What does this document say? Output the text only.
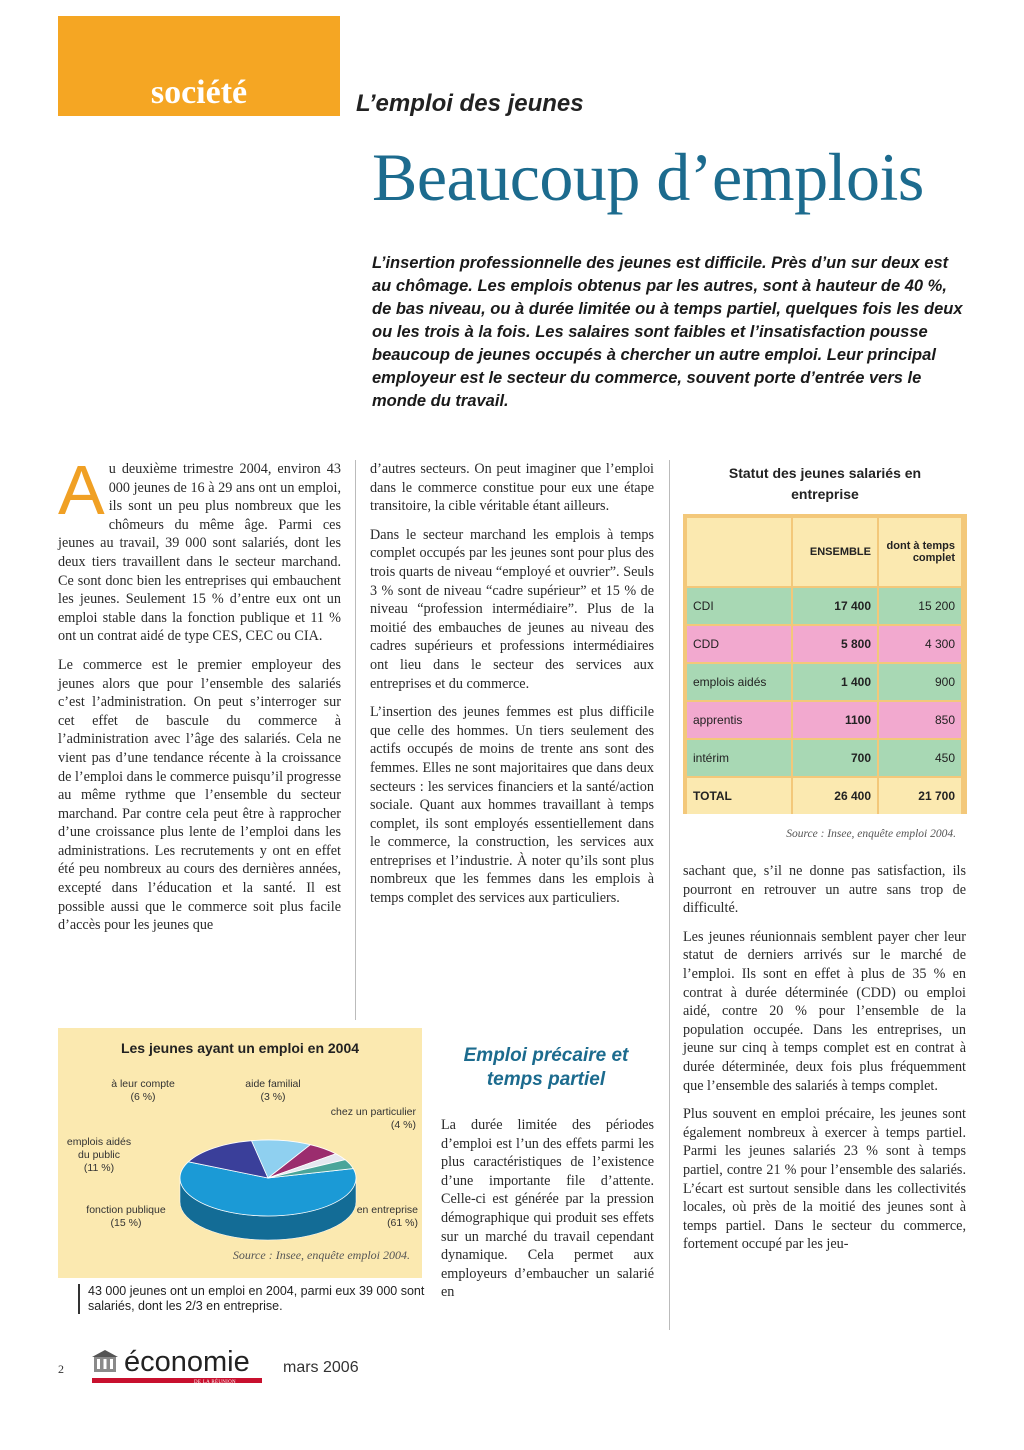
société	L’emploi des jeunes
Beaucoup d’emplois
L’insertion professionnelle des jeunes est difficile. Près d’un sur deux est au chômage. Les emplois obtenus par les autres, sont à hauteur de 40 %, de bas niveau, ou à durée limitée ou à temps partiel, quelques fois les deux ou les trois à la fois. Les salaires sont faibles et l’insatisfaction pousse beaucoup de jeunes occupés à chercher un autre emploi. Leur principal employeur est le secteur du commerce, souvent porte d’entrée vers le monde du travail.

Au deuxième trimestre 2004, environ 43 000 jeunes de 16 à 29 ans ont un emploi, ils sont un peu plus nombreux que les chômeurs du même âge. Parmi ces jeunes au travail, 39 000 sont salariés, dont les deux tiers travaillent dans le secteur marchand. Ce sont donc bien les entreprises qui embauchent les jeunes. Seulement 15 % d’entre eux ont un emploi stable dans la fonction publique et 11 % ont un contrat aidé de type CES, CEC ou CIA.

Le commerce est le premier employeur des jeunes alors que pour l’ensemble des salariés c’est l’administration. On peut s’interroger sur cet effet de bascule du commerce à l’administration avec l’âge des salariés. Cela ne vient pas d’une tendance récente à la croissance de l’emploi dans le commerce puisqu’il progresse au même rythme que l’ensemble du secteur marchand. Par contre cela peut être à rapprocher d’une croissance plus lente de l’emploi dans les administrations. Les recrutements y ont en effet été peu nombreux au cours des dernières années, excepté dans l’éducation et la santé. Il est possible aussi que le commerce soit plus facile d’accès pour les jeunes que

d’autres secteurs. On peut imaginer que l’emploi dans le commerce constitue pour eux une étape transitoire, la cible véritable étant ailleurs.

Dans le secteur marchand les emplois à temps complet occupés par les jeunes sont pour plus des trois quarts de niveau “employé et ouvrier”. Seuls 3 % sont de niveau “cadre supérieur” et 15 % de niveau “profession intermédiaire”. Plus de la moitié des embauches de jeunes au niveau des cadres supérieurs et professions intermédiaires ont lieu dans le secteur des services aux entreprises et du commerce.

L’insertion des jeunes femmes est plus difficile que celle des hommes. Un tiers seulement des actifs occupés de moins de trente ans sont des femmes. Elles ne sont majoritaires que dans deux secteurs : les services financiers et la santé/action sociale. Quant aux hommes travaillant à temps complet, ils sont employés essentiellement dans le commerce, la construction, les services aux entreprises et l’industrie. À noter qu’ils sont plus nombreux que les femmes dans les emplois à temps complet des services aux particuliers.

Emploi précaire et temps partiel

La durée limitée des périodes d’emploi est l’un des effets parmi les plus caractéristiques de l’existence d’une importante file d’attente. Celle-ci est générée par la pression démographique qui produit ses effets sur un marché du travail cependant dynamique. Cela permet aux employeurs d’embaucher un salarié en

Statut des jeunes salariés en entreprise
	ENSEMBLE	dont à temps complet
CDI	17 400	15 200
CDD	5 800	4 300
emplois aidés	1 400	900
apprentis	1100	850
intérim	700	450
TOTAL	26 400	21 700
Source : Insee, enquête emploi 2004.

sachant que, s’il ne donne pas satisfaction, ils pourront en retrouver un autre sans trop de difficulté.

Les jeunes réunionnais semblent payer cher leur statut de derniers arrivés sur le marché de l’emploi. Ils sont en effet à plus de 35 % en contrat à durée déterminée (CDD) ou emploi aidé, contre 20 % pour l’ensemble de la population occupée. Dans les entreprises, un jeune sur cinq à temps complet est en contrat à durée déterminée, deux fois plus fréquemment que l’ensemble des salariés à temps complet.

Plus souvent en emploi précaire, les jeunes sont également nombreux à exercer à temps partiel. Parmi les jeunes salariés 23 % sont à temps partiel, contre 21 % pour l’ensemble des salariés. L’écart est surtout sensible dans les collectivités locales, où près de la moitié des jeunes sont à temps partiel. Dans le secteur du commerce, fortement occupé par les jeu-

Les jeunes ayant un emploi en 2004
à leur compte
(6 %)
aide familial
(3 %)
chez un particulier
(4 %)
emplois aidés
du public
(11 %)
fonction publique
(15 %)
en entreprise
(61 %)
Source : Insee, enquête emploi 2004.
43 000 jeunes ont un emploi en 2004, parmi eux 39 000 sont salariés, dont les 2/3 en entreprise.
2	économie
DE LA RÉUNION
mars 2006
